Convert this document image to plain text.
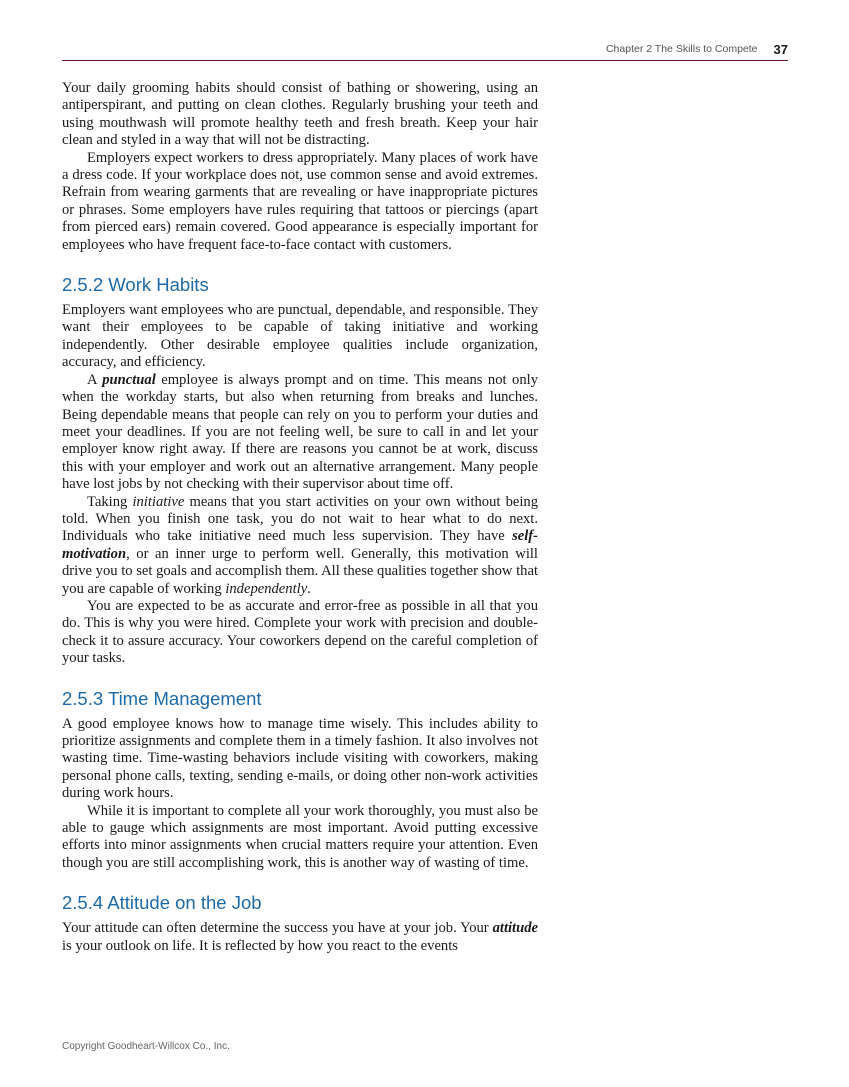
Chapter 2 The Skills to Compete 37

Your daily grooming habits should consist of bathing or showering, using an antiperspirant, and putting on clean clothes. Regularly brushing your teeth and using mouthwash will promote healthy teeth and fresh breath. Keep your hair clean and styled in a way that will not be distracting.

Employers expect workers to dress appropriately. Many places of work have a dress code. If your workplace does not, use common sense and avoid extremes. Refrain from wearing garments that are revealing or have inappropriate pictures or phrases. Some employers have rules requiring that tattoos or piercings (apart from pierced ears) remain covered. Good appearance is especially important for employees who have frequent face-to-face contact with customers.

2.5.2 Work Habits

Employers want employees who are punctual, dependable, and responsible. They want their employees to be capable of taking initiative and working independently. Other desirable employee qualities include organization, accuracy, and efficiency.

A punctual employee is always prompt and on time. This means not only when the workday starts, but also when returning from breaks and lunches. Being dependable means that people can rely on you to perform your duties and meet your deadlines. If you are not feeling well, be sure to call in and let your employer know right away. If there are reasons you cannot be at work, discuss this with your employer and work out an alternative arrangement. Many people have lost jobs by not checking with their supervisor about time off.

Taking initiative means that you start activities on your own without being told. When you finish one task, you do not wait to hear what to do next. Individuals who take initiative need much less supervision. They have self-motivation, or an inner urge to perform well. Generally, this motivation will drive you to set goals and accomplish them. All these qualities together show that you are capable of working independently.

You are expected to be as accurate and error-free as possible in all that you do. This is why you were hired. Complete your work with precision and double-check it to assure accuracy. Your coworkers depend on the careful completion of your tasks.

2.5.3 Time Management

A good employee knows how to manage time wisely. This includes ability to prioritize assignments and complete them in a timely fashion. It also involves not wasting time. Time-wasting behaviors include visiting with coworkers, making personal phone calls, texting, sending e-mails, or doing other non-work activities during work hours.

While it is important to complete all your work thoroughly, you must also be able to gauge which assignments are most important. Avoid putting excessive efforts into minor assignments when crucial matters require your attention. Even though you are still accomplishing work, this is another way of wasting of time.

2.5.4 Attitude on the Job

Your attitude can often determine the success you have at your job. Your attitude is your outlook on life. It is reflected by how you react to the events

Copyright Goodheart-Willcox Co., Inc.
